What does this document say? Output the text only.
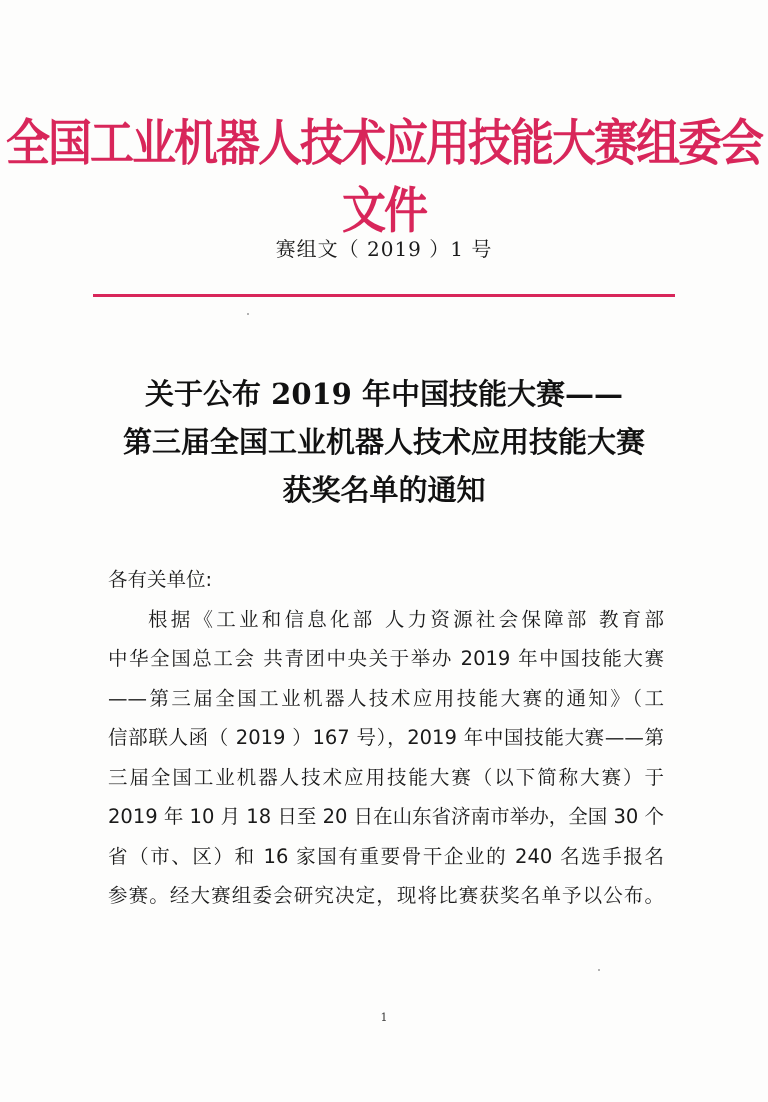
全国工业机器人技术应用技能大赛组委会文件
赛组文（ 2019 ）1 号
关于公布 2019 年中国技能大赛——
第三届全国工业机器人技术应用技能大赛
获奖名单的通知

各有关单位:

根据《工业和信息化部 人力资源社会保障部 教育部

中华全国总工会 共青团中央关于举办 2019 年中国技能大赛

——第三届全国工业机器人技术应用技能大赛的通知》（工

信部联人函（ 2019 ）167 号），2019 年中国技能大赛——第

三届全国工业机器人技术应用技能大赛（以下简称大赛）于

2019 年 10 月 18 日至 20 日在山东省济南市举办，全国 30 个

省（市、区）和 16 家国有重要骨干企业的 240 名选手报名

参赛。经大赛组委会研究决定，现将比赛获奖名单予以公布。

1
